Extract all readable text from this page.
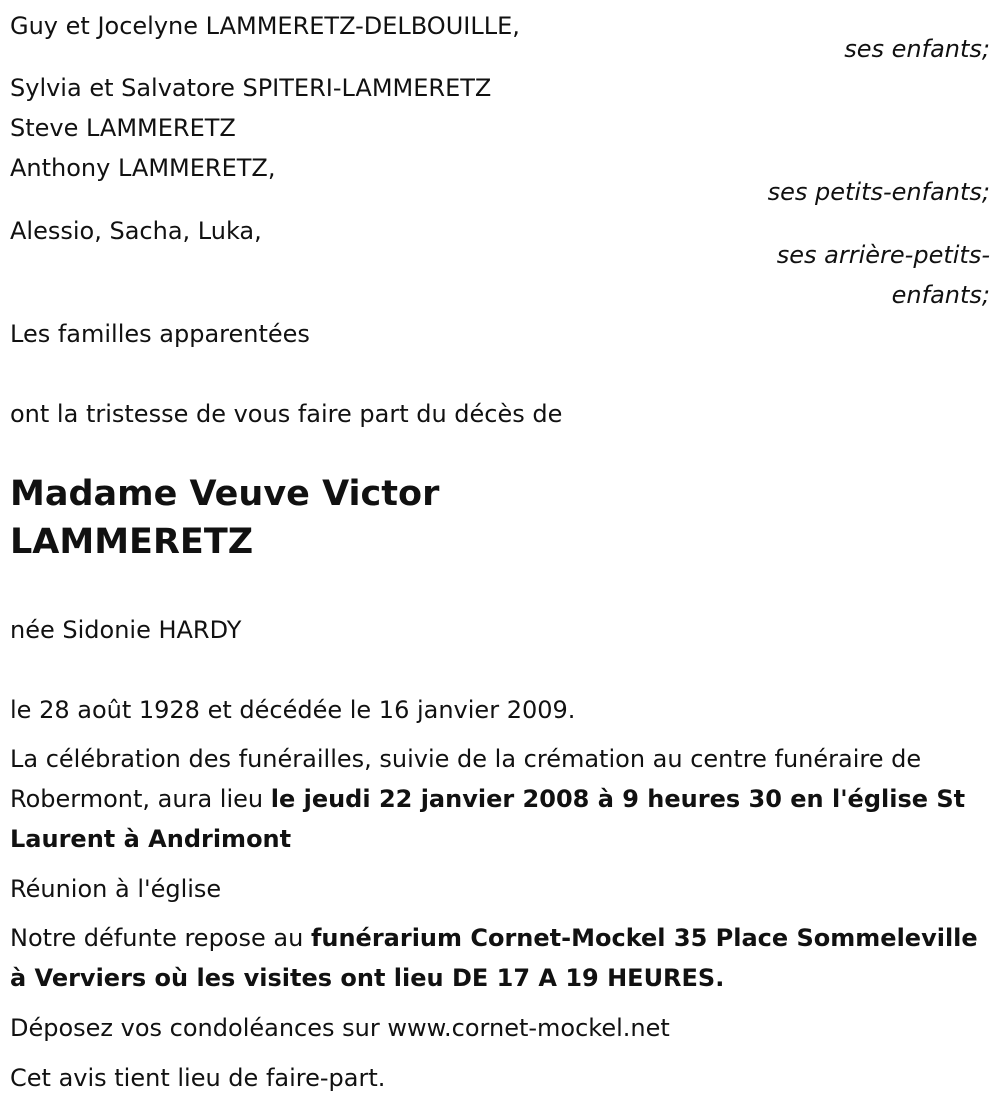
Guy et Jocelyne LAMMERETZ-DELBOUILLE,
ses enfants;
Sylvia et Salvatore SPITERI-LAMMERETZ
Steve LAMMERETZ
Anthony LAMMERETZ,
ses petits-enfants;
Alessio, Sacha, Luka,
ses arrière-petits-
enfants;
Les familles apparentées
ont la tristesse de vous faire part du décès de
Madame Veuve Victor
LAMMERETZ
née Sidonie HARDY
le 28 août 1928 et décédée le 16 janvier 2009.
La célébration des funérailles, suivie de la crémation au centre funéraire de Robermont, aura lieu le jeudi 22 janvier 2008 à 9 heures 30 en l'église St Laurent à Andrimont
Réunion à l'église
Notre défunte repose au funérarium Cornet-Mockel 35 Place Sommeleville à Verviers où les visites ont lieu DE 17 A 19 HEURES.
Déposez vos condoléances sur www.cornet-mockel.net
Cet avis tient lieu de faire-part.
